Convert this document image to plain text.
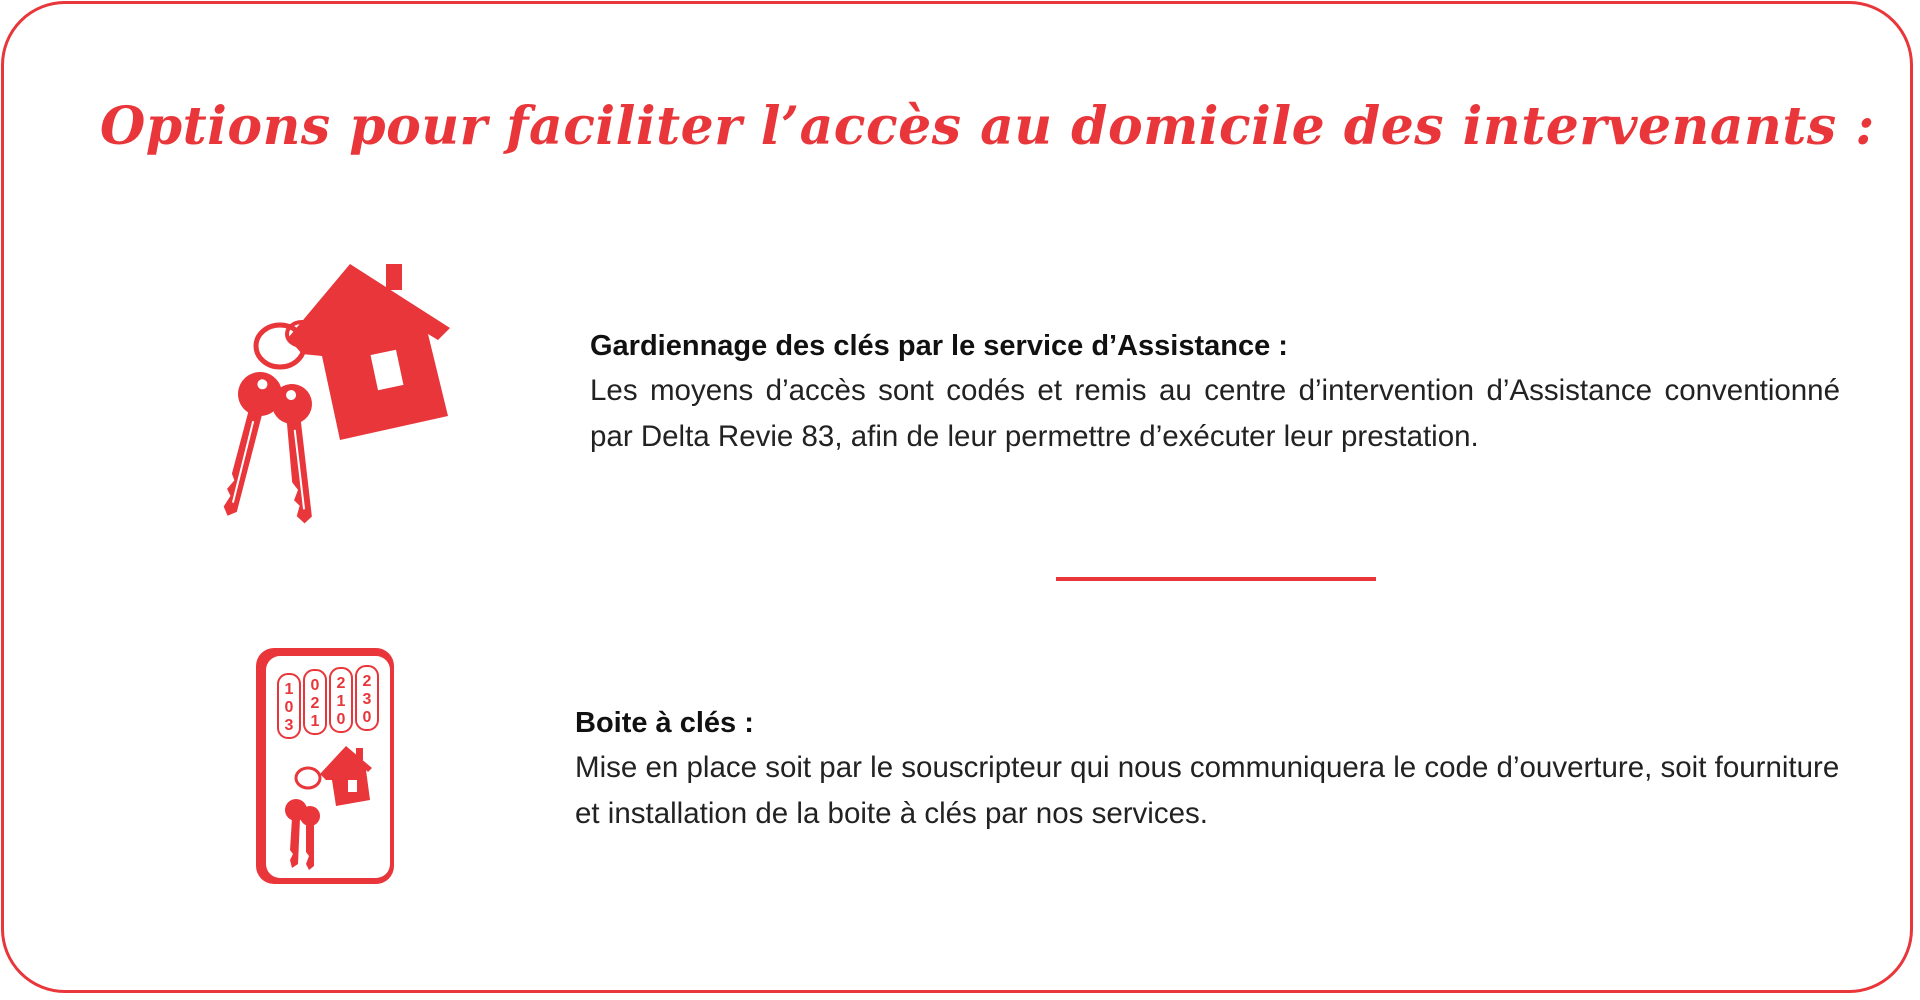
Options pour faciliter l’accès au domicile des intervenants :
1
0
3
0
2
1
2
1
0
2
3
0
Gardiennage des clés par le service d’Assistance :
Les moyens d’accès sont codés et remis au centre d’intervention d’Assistance conventionné par Delta Revie 83, afin de leur permettre d’exécuter leur prestation.
Boite à clés :
Mise en place soit par le souscripteur qui nous communiquera le code d’ouverture, soit fourniture et installation de la boite à clés par nos services.
